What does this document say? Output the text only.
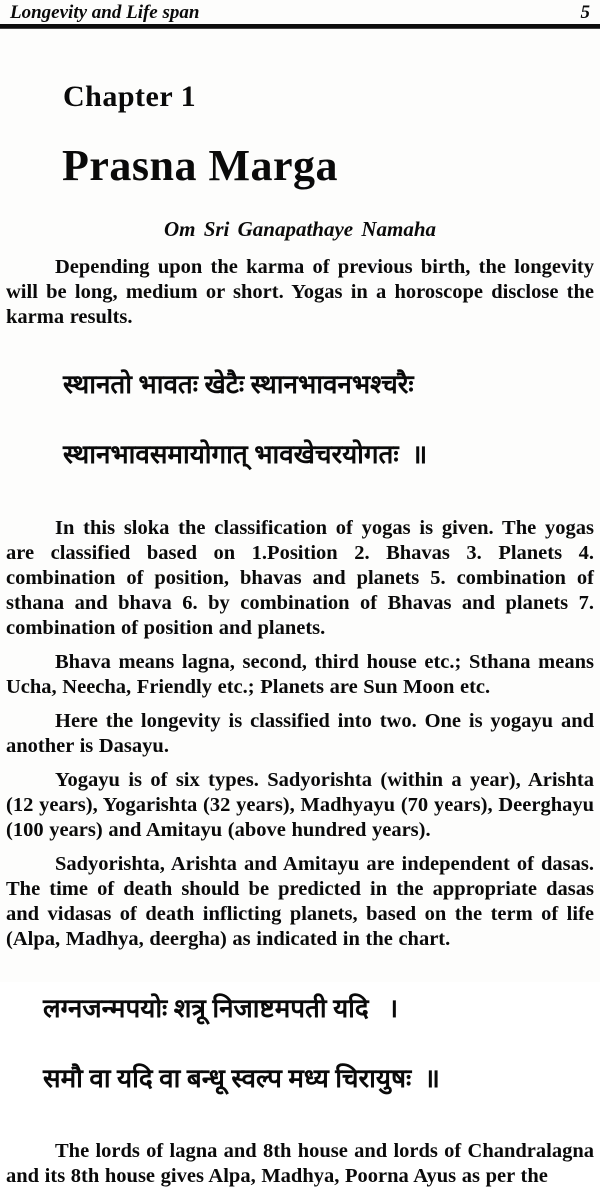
Longevity and Life span	5
Chapter 1
Prasna Marga
Om Sri Ganapathaye Namaha

Depending upon the karma of previous birth, the longevity will be long, medium or short. Yogas in a horoscope disclose the karma results.

स्थानतो भावतः खेटैः स्थानभावनभश्चरैः

स्थानभावसमायोगात् भावखेचरयोगतः  ॥

In this sloka the classification of yogas is given. The yogas are classified based on 1.Position 2. Bhavas 3. Planets 4. combination of position, bhavas and planets 5. combination of sthana and bhava 6. by combination of Bhavas and planets 7. combination of position and planets.

Bhava means lagna, second, third house etc.; Sthana means Ucha, Neecha, Friendly etc.; Planets are Sun Moon etc.

Here the longevity is classified into two. One is yogayu and another is Dasayu.

Yogayu is of six types. Sadyorishta (within a year), Arishta (12 years), Yogarishta (32 years), Madhyayu (70 years), Deerghayu (100 years) and Amitayu (above hundred years).

Sadyorishta, Arishta and Amitayu are independent of dasas. The time of death should be predicted in the appropriate dasas and vidasas of death inflicting planets, based on the term of life (Alpa, Madhya, deergha) as indicated in the chart.

लग्नजन्मपयोः शत्रू निजाष्टमपती यदि   ।

समौ वा यदि वा बन्धू स्वल्प मध्य चिरायुषः  ॥

The lords of lagna and 8th house and lords of Chandralagna and its 8th house gives Alpa, Madhya, Poorna Ayus as per the
